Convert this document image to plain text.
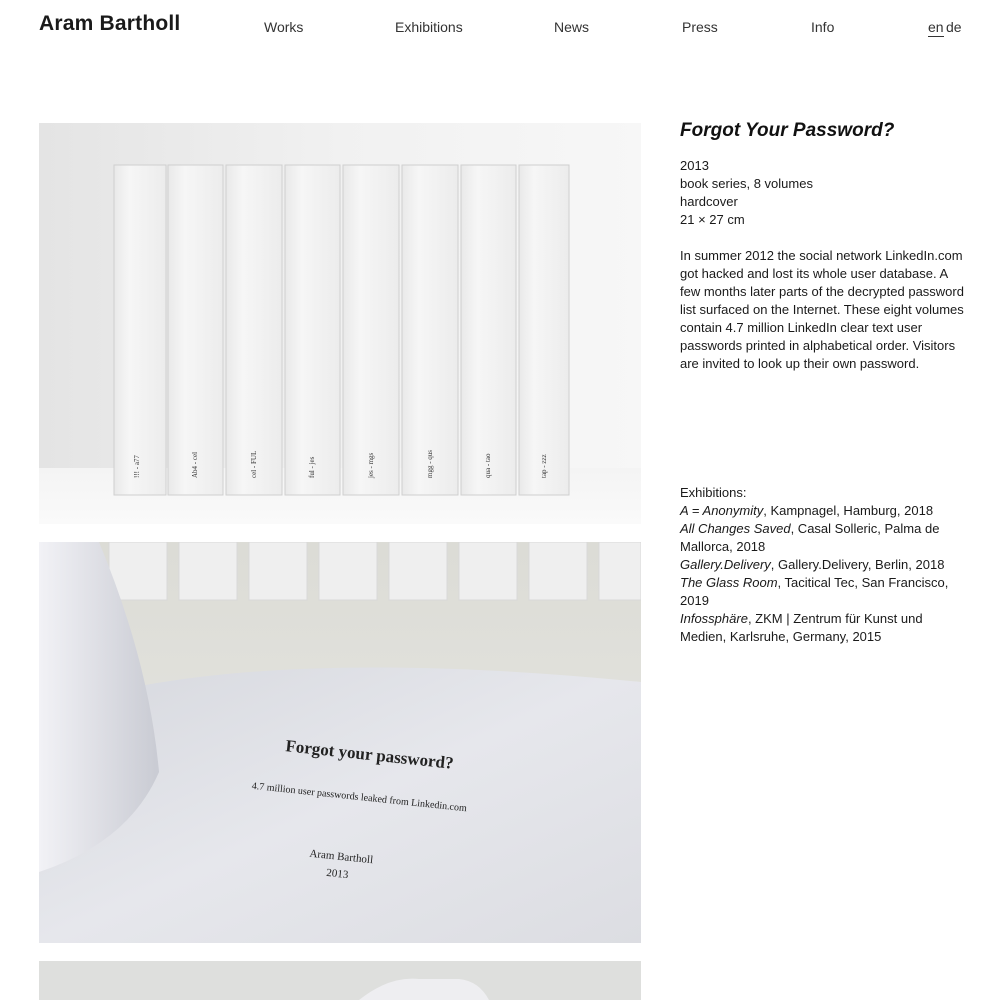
Aram Bartholl	Works	Exhibitions	News	Press	Info	en de
!!! - a77	Ab4 - cel	cel - FUL	ful - jes	jes - mgs	mgg - qus	qua - tao	tap - zzz
Forgot your password?
4.7 million user passwords leaked from Linkedin.com
Aram Bartholl
2013
Forgot Your Password?
2013
book series, 8 volumes
hardcover
21 × 27 cm
In summer 2012 the social network LinkedIn.com got hacked and lost its whole user database. A few months later parts of the decrypted password list surfaced on the Internet. These eight volumes contain 4.7 million LinkedIn clear text user passwords printed in alphabetical order. Visitors are invited to look up their own password.
Exhibitions:
A = Anonymity, Kampnagel, Hamburg, 2018
All Changes Saved, Casal Solleric, Palma de Mallorca, 2018
Gallery.Delivery, Gallery.Delivery, Berlin, 2018
The Glass Room, Tacitical Tec, San Francisco, 2019
Infossphäre, ZKM | Zentrum für Kunst und Medien, Karlsruhe, Germany, 2015
